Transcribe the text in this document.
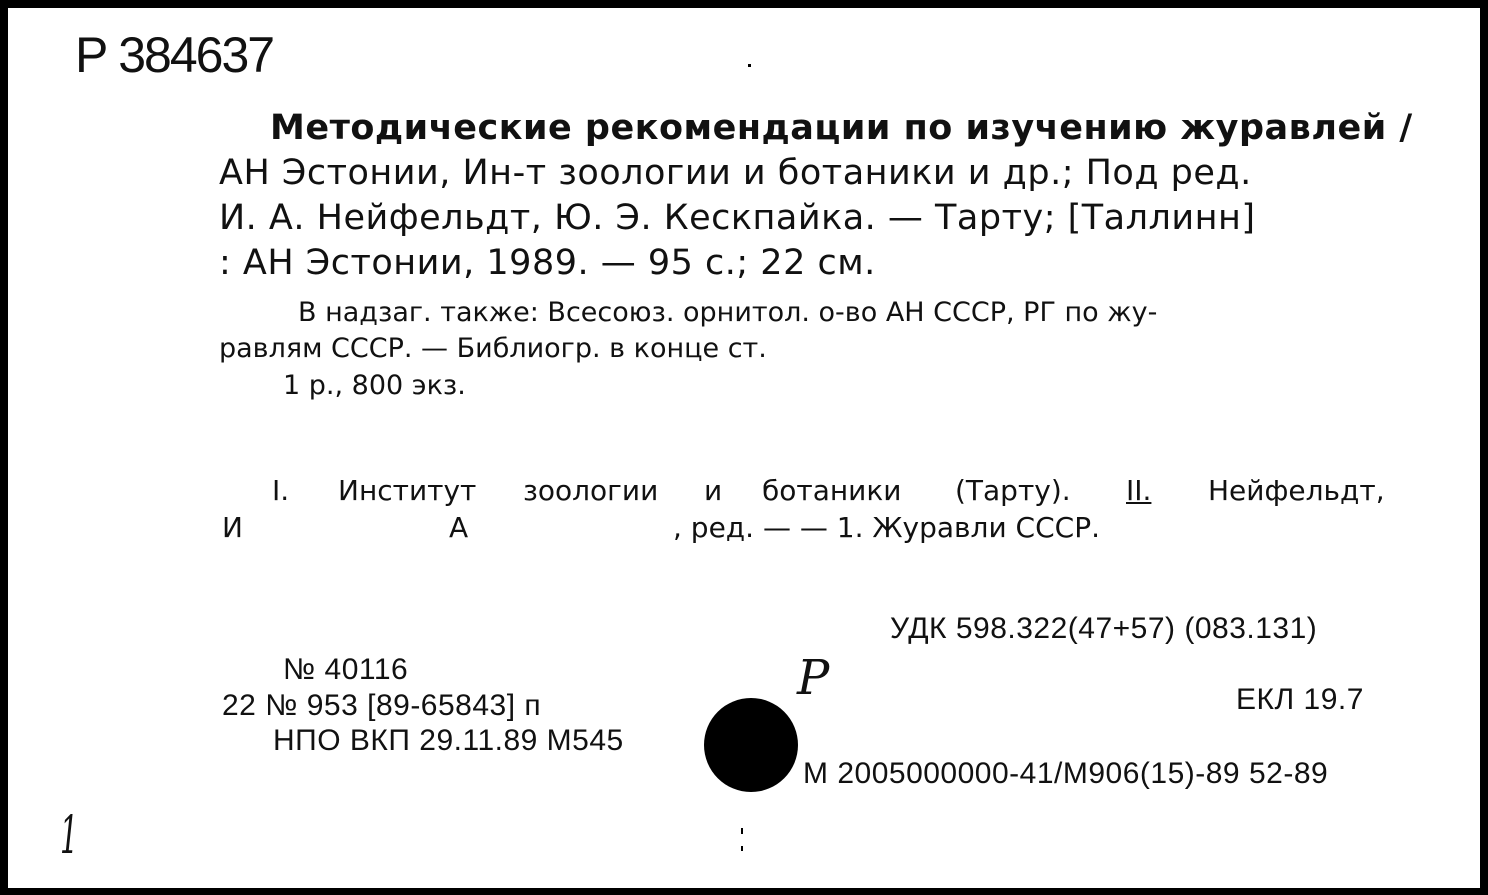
Р 384637
Методические рекомендации по изучению журавлей /
АН Эстонии, Ин-т зоологии и ботаники и др.; Под ред.
И. А. Нейфельдт, Ю. Э. Кескпайка. — Тарту; [Таллинн]
: АН Эстонии, 1989. — 95 с.; 22 см.
В надзаг. также: Всесоюз. орнитол. о-во АН СССР, РГ по жу-
равлям СССР. — Библиогр. в конце ст.
1 р., 800 экз.
I. Институт зоологии и ботаники (Тарту). II. Нейфельдт,
И	А	, ред. — — 1. Журавли СССР.
УДК 598.322(47+57) (083.131)
№ 40116
22 № 953 [89-65843] п	ЕКЛ 19.7
НПО ВКП 29.11.89 М545
М 2005000000-41/М906(15)-89 52-89
Р
1
